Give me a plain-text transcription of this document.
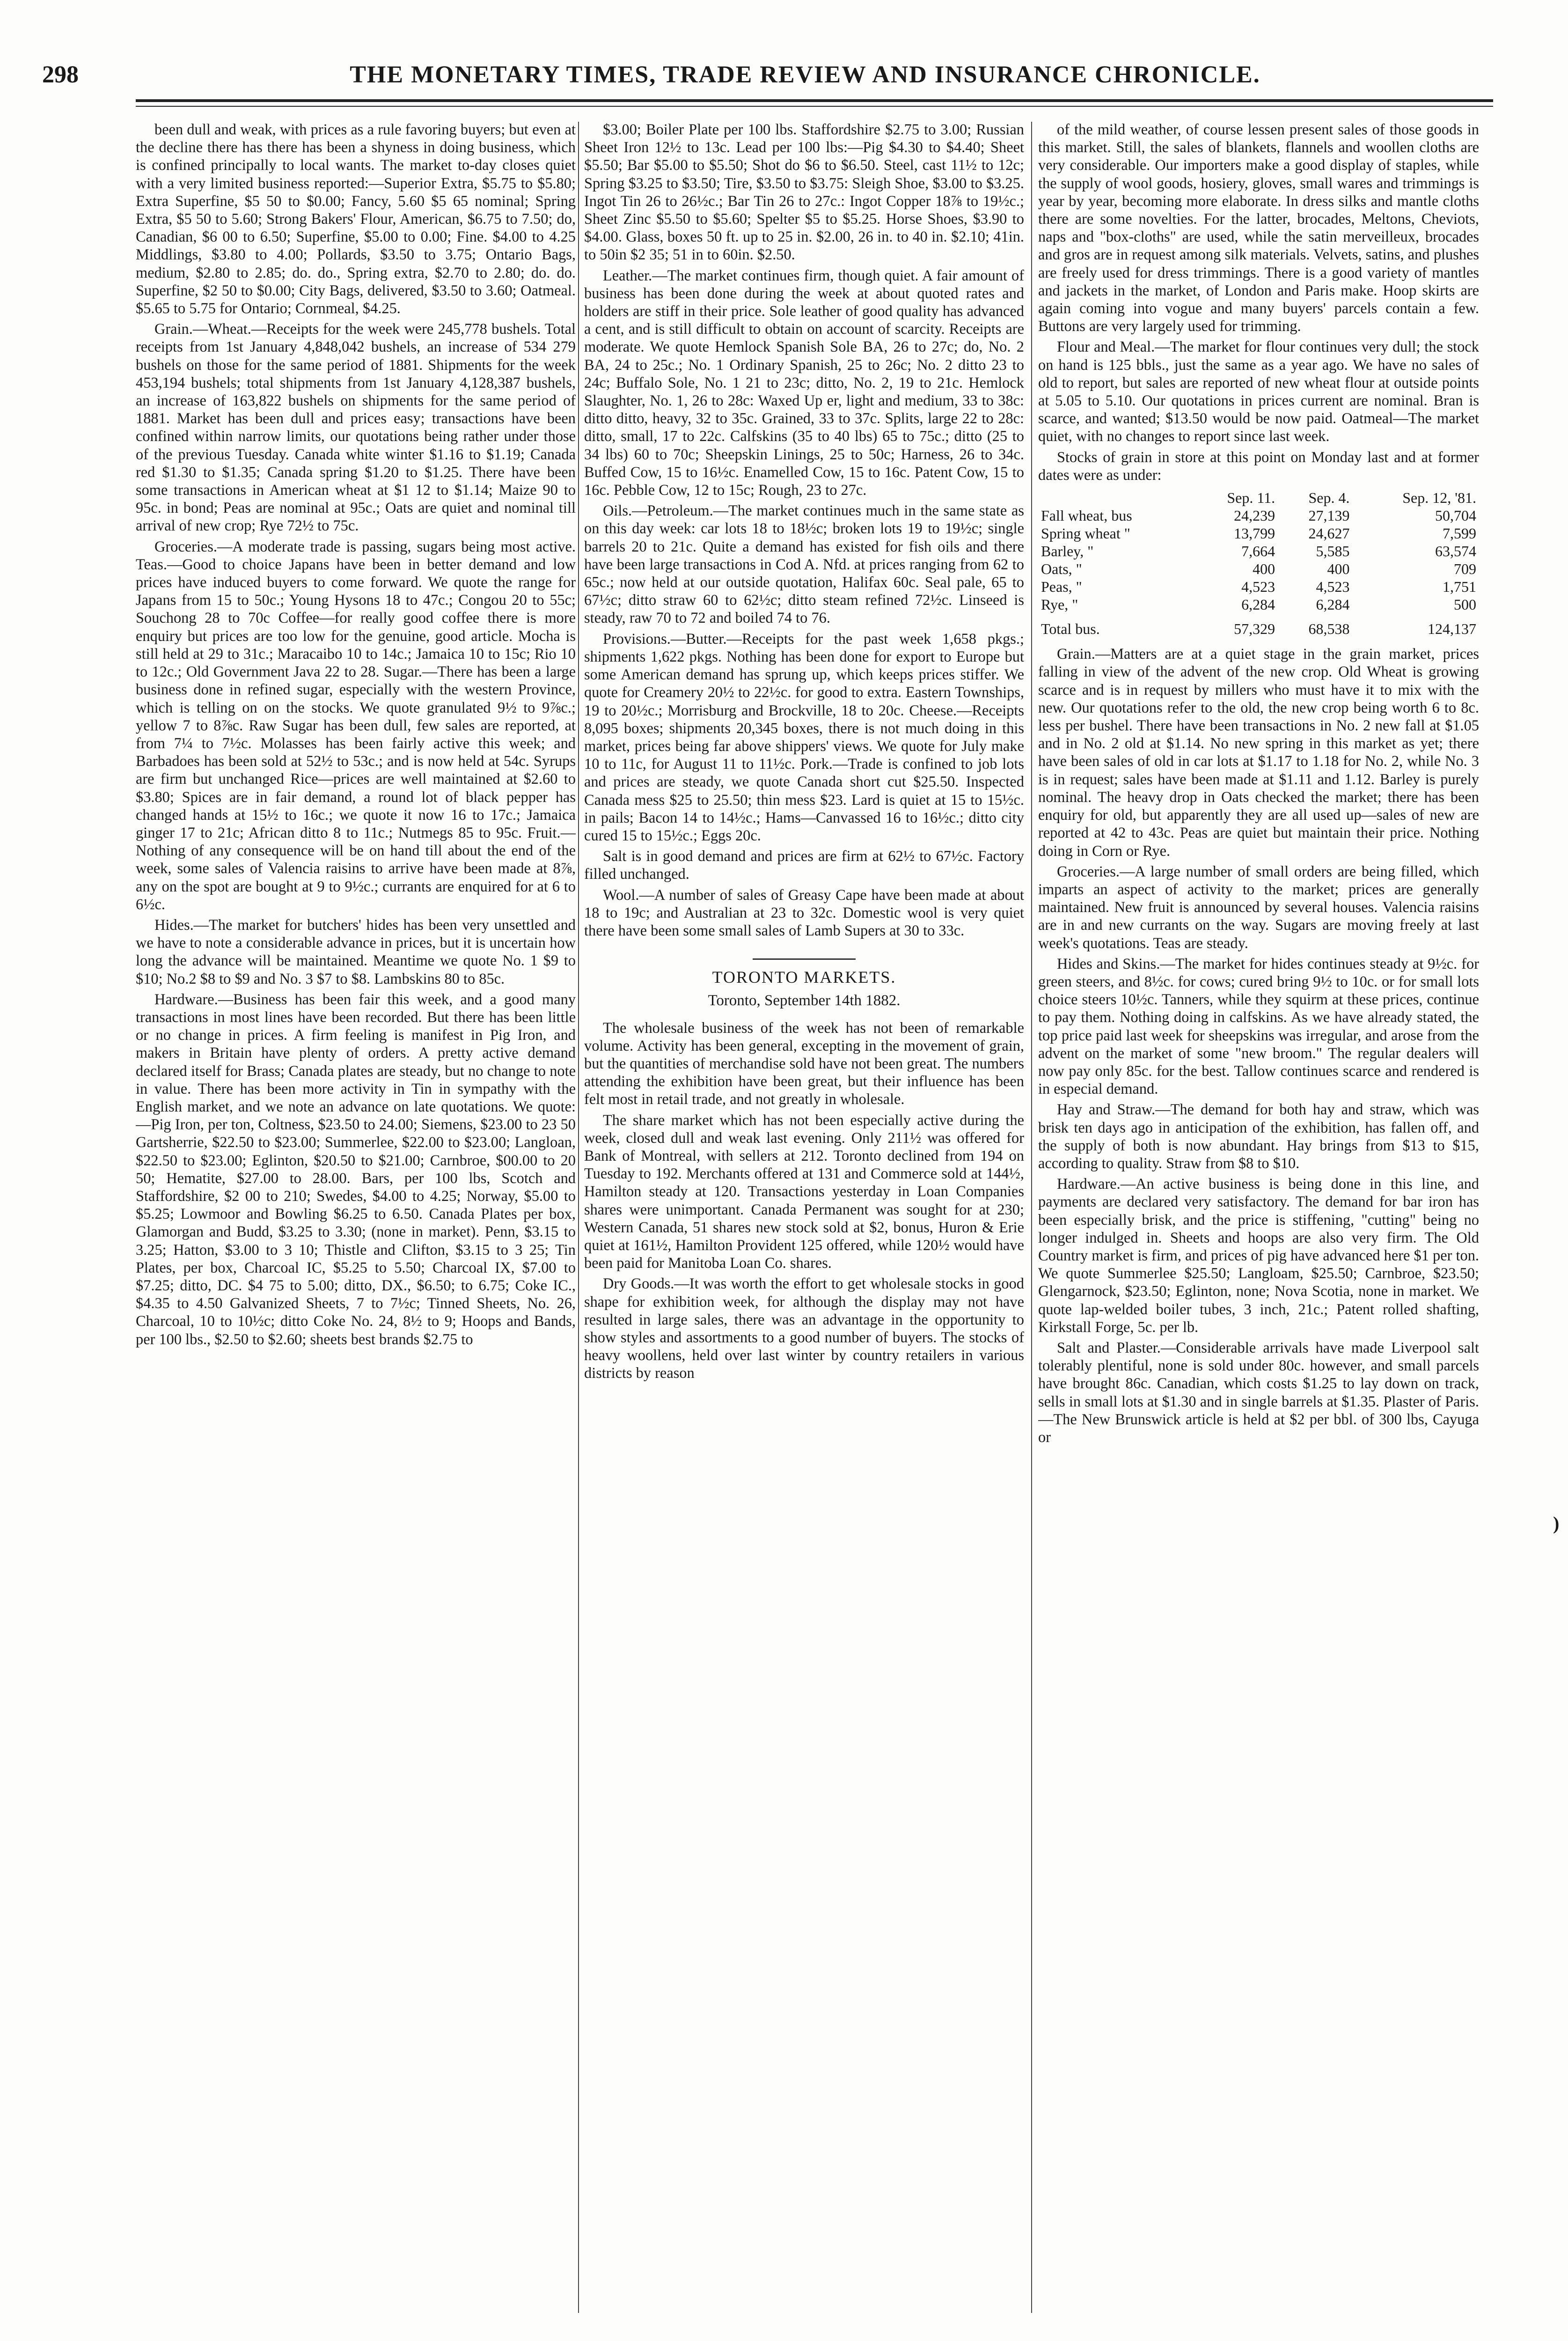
298	THE MONETARY TIMES, TRADE REVIEW AND INSURANCE CHRONICLE.

been dull and weak, with prices as a rule favoring buyers; but even at the decline there has there has been a shyness in doing business, which is confined principally to local wants. The market to-day closes quiet with a very limited business reported:—Superior Extra, $5.75 to $5.80; Extra Superfine, $5 50 to $0.00; Fancy, 5.60 $5 65 nominal; Spring Extra, $5 50 to 5.60; Strong Bakers' Flour, American, $6.75 to 7.50; do, Canadian, $6 00 to 6.50; Superfine, $5.00 to 0.00; Fine. $4.00 to 4.25 Middlings, $3.80 to 4.00; Pollards, $3.50 to 3.75; Ontario Bags, medium, $2.80 to 2.85; do. do., Spring extra, $2.70 to 2.80; do. do. Superfine, $2 50 to $0.00; City Bags, delivered, $3.50 to 3.60; Oatmeal. $5.65 to 5.75 for Ontario; Cornmeal, $4.25.

Grain.—Wheat.—Receipts for the week were 245,778 bushels. Total receipts from 1st January 4,848,042 bushels, an increase of 534 279 bushels on those for the same period of 1881. Shipments for the week 453,194 bushels; total shipments from 1st January 4,128,387 bushels, an increase of 163,822 bushels on shipments for the same period of 1881. Market has been dull and prices easy; transactions have been confined within narrow limits, our quotations being rather under those of the previous Tuesday. Canada white winter $1.16 to $1.19; Canada red $1.30 to $1.35; Canada spring $1.20 to $1.25. There have been some transactions in American wheat at $1 12 to $1.14; Maize 90 to 95c. in bond; Peas are nominal at 95c.; Oats are quiet and nominal till arrival of new crop; Rye 72½ to 75c.

Groceries.—A moderate trade is passing, sugars being most active. Teas.—Good to choice Japans have been in better demand and low prices have induced buyers to come forward. We quote the range for Japans from 15 to 50c.; Young Hysons 18 to 47c.; Congou 20 to 55c; Souchong 28 to 70c Coffee—for really good coffee there is more enquiry but prices are too low for the genuine, good article. Mocha is still held at 29 to 31c.; Maracaibo 10 to 14c.; Jamaica 10 to 15c; Rio 10 to 12c.; Old Government Java 22 to 28. Sugar.—There has been a large business done in refined sugar, especially with the western Province, which is telling on on the stocks. We quote granulated 9½ to 9⅞c.; yellow 7 to 8⅞c. Raw Sugar has been dull, few sales are reported, at from 7¼ to 7½c. Molasses has been fairly active this week; and Barbadoes has been sold at 52½ to 53c.; and is now held at 54c. Syrups are firm but unchanged Rice—prices are well maintained at $2.60 to $3.80; Spices are in fair demand, a round lot of black pepper has changed hands at 15½ to 16c.; we quote it now 16 to 17c.; Jamaica ginger 17 to 21c; African ditto 8 to 11c.; Nutmegs 85 to 95c. Fruit.—Nothing of any consequence will be on hand till about the end of the week, some sales of Valencia raisins to arrive have been made at 8⅞, any on the spot are bought at 9 to 9½c.; currants are enquired for at 6 to 6½c.

Hides.—The market for butchers' hides has been very unsettled and we have to note a considerable advance in prices, but it is uncertain how long the advance will be maintained. Meantime we quote No. 1 $9 to $10; No.2 $8 to $9 and No. 3 $7 to $8. Lambskins 80 to 85c.

Hardware.—Business has been fair this week, and a good many transactions in most lines have been recorded. But there has been little or no change in prices. A firm feeling is manifest in Pig Iron, and makers in Britain have plenty of orders. A pretty active demand declared itself for Brass; Canada plates are steady, but no change to note in value. There has been more activity in Tin in sympathy with the English market, and we note an advance on late quotations. We quote:—Pig Iron, per ton, Coltness, $23.50 to 24.00; Siemens, $23.00 to 23 50 Gartsherrie, $22.50 to $23.00; Summerlee, $22.00 to $23.00; Langloan, $22.50 to $23.00; Eglinton, $20.50 to $21.00; Carnbroe, $00.00 to 20 50; Hematite, $27.00 to 28.00. Bars, per 100 lbs, Scotch and Staffordshire, $2 00 to 210; Swedes, $4.00 to 4.25; Norway, $5.00 to $5.25; Lowmoor and Bowling $6.25 to 6.50. Canada Plates per box, Glamorgan and Budd, $3.25 to 3.30; (none in market). Penn, $3.15 to 3.25; Hatton, $3.00 to 3 10; Thistle and Clifton, $3.15 to 3 25; Tin Plates, per box, Charcoal IC, $5.25 to 5.50; Charcoal IX, $7.00 to $7.25; ditto, DC. $4 75 to 5.00; ditto, DX., $6.50; to 6.75; Coke IC., $4.35 to 4.50 Galvanized Sheets, 7 to 7½c; Tinned Sheets, No. 26, Charcoal, 10 to 10½c; ditto Coke No. 24, 8½ to 9; Hoops and Bands, per 100 lbs., $2.50 to $2.60; sheets best brands $2.75 to

$3.00; Boiler Plate per 100 lbs. Staffordshire $2.75 to 3.00; Russian Sheet Iron 12½ to 13c. Lead per 100 lbs:—Pig $4.30 to $4.40; Sheet $5.50; Bar $5.00 to $5.50; Shot do $6 to $6.50. Steel, cast 11½ to 12c; Spring $3.25 to $3.50; Tire, $3.50 to $3.75: Sleigh Shoe, $3.00 to $3.25. Ingot Tin 26 to 26½c.; Bar Tin 26 to 27c.: Ingot Copper 18⅞ to 19½c.; Sheet Zinc $5.50 to $5.60; Spelter $5 to $5.25. Horse Shoes, $3.90 to $4.00. Glass, boxes 50 ft. up to 25 in. $2.00, 26 in. to 40 in. $2.10; 41in. to 50in $2 35; 51 in to 60in. $2.50.

Leather.—The market continues firm, though quiet. A fair amount of business has been done during the week at about quoted rates and holders are stiff in their price. Sole leather of good quality has advanced a cent, and is still difficult to obtain on account of scarcity. Receipts are moderate. We quote Hemlock Spanish Sole BA, 26 to 27c; do, No. 2 BA, 24 to 25c.; No. 1 Ordinary Spanish, 25 to 26c; No. 2 ditto 23 to 24c; Buffalo Sole, No. 1 21 to 23c; ditto, No. 2, 19 to 21c. Hemlock Slaughter, No. 1, 26 to 28c: Waxed Up er, light and medium, 33 to 38c: ditto ditto, heavy, 32 to 35c. Grained, 33 to 37c. Splits, large 22 to 28c: ditto, small, 17 to 22c. Calfskins (35 to 40 lbs) 65 to 75c.; ditto (25 to 34 lbs) 60 to 70c; Sheepskin Linings, 25 to 50c; Harness, 26 to 34c. Buffed Cow, 15 to 16½c. Enamelled Cow, 15 to 16c. Patent Cow, 15 to 16c. Pebble Cow, 12 to 15c; Rough, 23 to 27c.

Oils.—Petroleum.—The market continues much in the same state as on this day week: car lots 18 to 18½c; broken lots 19 to 19½c; single barrels 20 to 21c. Quite a demand has existed for fish oils and there have been large transactions in Cod A. Nfd. at prices ranging from 62 to 65c.; now held at our outside quotation, Halifax 60c. Seal pale, 65 to 67½c; ditto straw 60 to 62½c; ditto steam refined 72½c. Linseed is steady, raw 70 to 72 and boiled 74 to 76.

Provisions.—Butter.—Receipts for the past week 1,658 pkgs.; shipments 1,622 pkgs. Nothing has been done for export to Europe but some American demand has sprung up, which keeps prices stiffer. We quote for Creamery 20½ to 22½c. for good to extra. Eastern Townships, 19 to 20½c.; Morrisburg and Brockville, 18 to 20c. Cheese.—Receipts 8,095 boxes; shipments 20,345 boxes, there is not much doing in this market, prices being far above shippers' views. We quote for July make 10 to 11c, for August 11 to 11½c. Pork.—Trade is confined to job lots and prices are steady, we quote Canada short cut $25.50. Inspected Canada mess $25 to 25.50; thin mess $23. Lard is quiet at 15 to 15½c. in pails; Bacon 14 to 14½c.; Hams—Canvassed 16 to 16½c.; ditto city cured 15 to 15½c.; Eggs 20c.

Salt is in good demand and prices are firm at 62½ to 67½c. Factory filled unchanged.

Wool.—A number of sales of Greasy Cape have been made at about 18 to 19c; and Australian at 23 to 32c. Domestic wool is very quiet there have been some small sales of Lamb Supers at 30 to 33c.

TORONTO MARKETS.
Toronto, September 14th 1882.

The wholesale business of the week has not been of remarkable volume. Activity has been general, excepting in the movement of grain, but the quantities of merchandise sold have not been great. The numbers attending the exhibition have been great, but their influence has been felt most in retail trade, and not greatly in wholesale.

The share market which has not been especially active during the week, closed dull and weak last evening. Only 211½ was offered for Bank of Montreal, with sellers at 212. Toronto declined from 194 on Tuesday to 192. Merchants offered at 131 and Commerce sold at 144½, Hamilton steady at 120. Transactions yesterday in Loan Companies shares were unimportant. Canada Permanent was sought for at 230; Western Canada, 51 shares new stock sold at $2, bonus, Huron & Erie quiet at 161½, Hamilton Provident 125 offered, while 120½ would have been paid for Manitoba Loan Co. shares.

Dry Goods.—It was worth the effort to get wholesale stocks in good shape for exhibition week, for although the display may not have resulted in large sales, there was an advantage in the opportunity to show styles and assortments to a good number of buyers. The stocks of heavy woollens, held over last winter by country retailers in various districts by reason

of the mild weather, of course lessen present sales of those goods in this market. Still, the sales of blankets, flannels and woollen cloths are very considerable. Our importers make a good display of staples, while the supply of wool goods, hosiery, gloves, small wares and trimmings is year by year, becoming more elaborate. In dress silks and mantle cloths there are some novelties. For the latter, brocades, Meltons, Cheviots, naps and "box-cloths" are used, while the satin merveilleux, brocades and gros are in request among silk materials. Velvets, satins, and plushes are freely used for dress trimmings. There is a good variety of mantles and jackets in the market, of London and Paris make. Hoop skirts are again coming into vogue and many buyers' parcels contain a few. Buttons are very largely used for trimming.

Flour and Meal.—The market for flour continues very dull; the stock on hand is 125 bbls., just the same as a year ago. We have no sales of old to report, but sales are reported of new wheat flour at outside points at 5.05 to 5.10. Our quotations in prices current are nominal. Bran is scarce, and wanted; $13.50 would be now paid. Oatmeal—The market quiet, with no changes to report since last week.

Stocks of grain in store at this point on Monday last and at former dates were as under:

	Sep. 11.	Sep. 4.	Sep. 12, '81.
Fall wheat, bus	24,239	27,139	50,704
Spring wheat "	13,799	24,627	7,599
Barley, "	7,664	5,585	63,574
Oats, "	400	400	709
Peas, "	4,523	4,523	1,751
Rye, "	6,284	6,284	500
Total bus.	57,329	68,538	124,137

Grain.—Matters are at a quiet stage in the grain market, prices falling in view of the advent of the new crop. Old Wheat is growing scarce and is in request by millers who must have it to mix with the new. Our quotations refer to the old, the new crop being worth 6 to 8c. less per bushel. There have been transactions in No. 2 new fall at $1.05 and in No. 2 old at $1.14. No new spring in this market as yet; there have been sales of old in car lots at $1.17 to 1.18 for No. 2, while No. 3 is in request; sales have been made at $1.11 and 1.12. Barley is purely nominal. The heavy drop in Oats checked the market; there has been enquiry for old, but apparently they are all used up—sales of new are reported at 42 to 43c. Peas are quiet but maintain their price. Nothing doing in Corn or Rye.

Groceries.—A large number of small orders are being filled, which imparts an aspect of activity to the market; prices are generally maintained. New fruit is announced by several houses. Valencia raisins are in and new currants on the way. Sugars are moving freely at last week's quotations. Teas are steady.

Hides and Skins.—The market for hides continues steady at 9½c. for green steers, and 8½c. for cows; cured bring 9½ to 10c. or for small lots choice steers 10½c. Tanners, while they squirm at these prices, continue to pay them. Nothing doing in calfskins. As we have already stated, the top price paid last week for sheepskins was irregular, and arose from the advent on the market of some "new broom." The regular dealers will now pay only 85c. for the best. Tallow continues scarce and rendered is in especial demand.

Hay and Straw.—The demand for both hay and straw, which was brisk ten days ago in anticipation of the exhibition, has fallen off, and the supply of both is now abundant. Hay brings from $13 to $15, according to quality. Straw from $8 to $10.

Hardware.—An active business is being done in this line, and payments are declared very satisfactory. The demand for bar iron has been especially brisk, and the price is stiffening, "cutting" being no longer indulged in. Sheets and hoops are also very firm. The Old Country market is firm, and prices of pig have advanced here $1 per ton. We quote Summerlee $25.50; Langloam, $25.50; Carnbroe, $23.50; Glengarnock, $23.50; Eglinton, none; Nova Scotia, none in market. We quote lap-welded boiler tubes, 3 inch, 21c.; Patent rolled shafting, Kirkstall Forge, 5c. per lb.

Salt and Plaster.—Considerable arrivals have made Liverpool salt tolerably plentiful, none is sold under 80c. however, and small parcels have brought 86c. Canadian, which costs $1.25 to lay down on track, sells in small lots at $1.30 and in single barrels at $1.35. Plaster of Paris.—The New Brunswick article is held at $2 per bbl. of 300 lbs, Cayuga or

)
